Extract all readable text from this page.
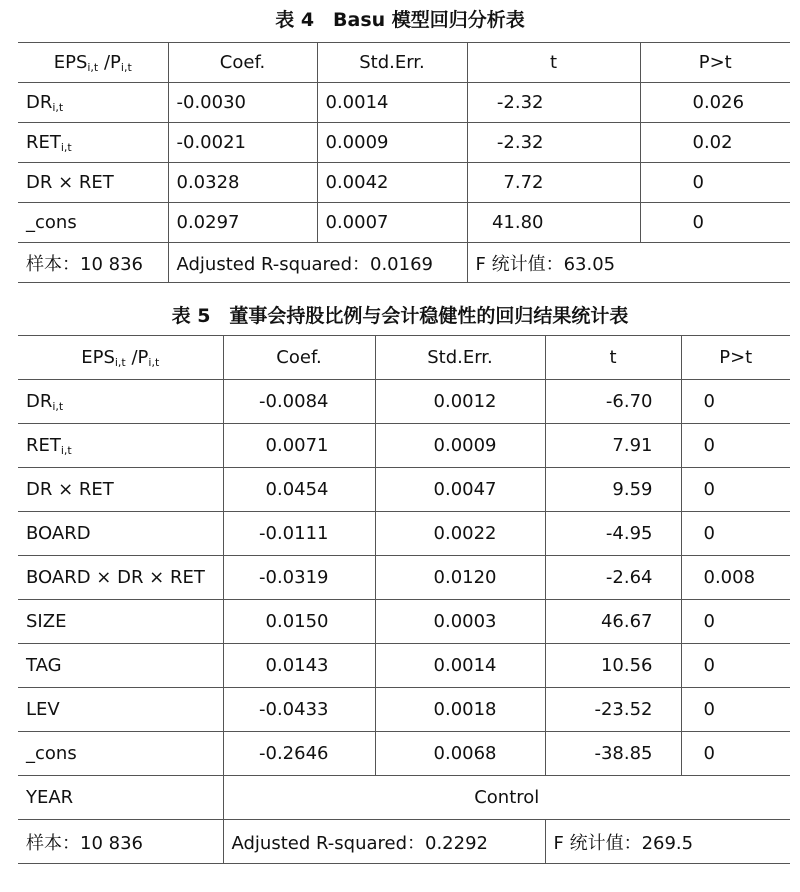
表 4　Basu 模型回归分析表
$EPS_{i,t}$ $/P_{i,t}$	Coef.	Std.Err.	t	P>t
$DR_{i,t}$	-0.0030	0.0014	-2.32	0.026
$RET_{i,t}$	-0.0021	0.0009	-2.32	0.02
DR × RET	0.0328	0.0042	7.72	0
_cons	0.0297	0.0007	41.80	0
样本：10 836	Adjusted R-squared：0.0169		F 统计值：63.05	
表 5　董事会持股比例与会计稳健性的回归结果统计表
$EPS_{i,t}$ $/P_{i,t}$	Coef.	Std.Err.	t	P>t
$DR_{i,t}$	-0.0084	0.0012	-6.70	0
$RET_{i,t}$	0.0071	0.0009	7.91	0
DR × RET	0.0454	0.0047	9.59	0
BOARD	-0.0111	0.0022	-4.95	0
BOARD × DR × RET	-0.0319	0.0120	-2.64	0.008
SIZE	0.0150	0.0003	46.67	0
TAG	0.0143	0.0014	10.56	0
LEV	-0.0433	0.0018	-23.52	0
_cons	-0.2646	0.0068	-38.85	0
YEAR	Control			
样本：10 836	Adjusted R-squared：0.2292		F 统计值：269.5	
